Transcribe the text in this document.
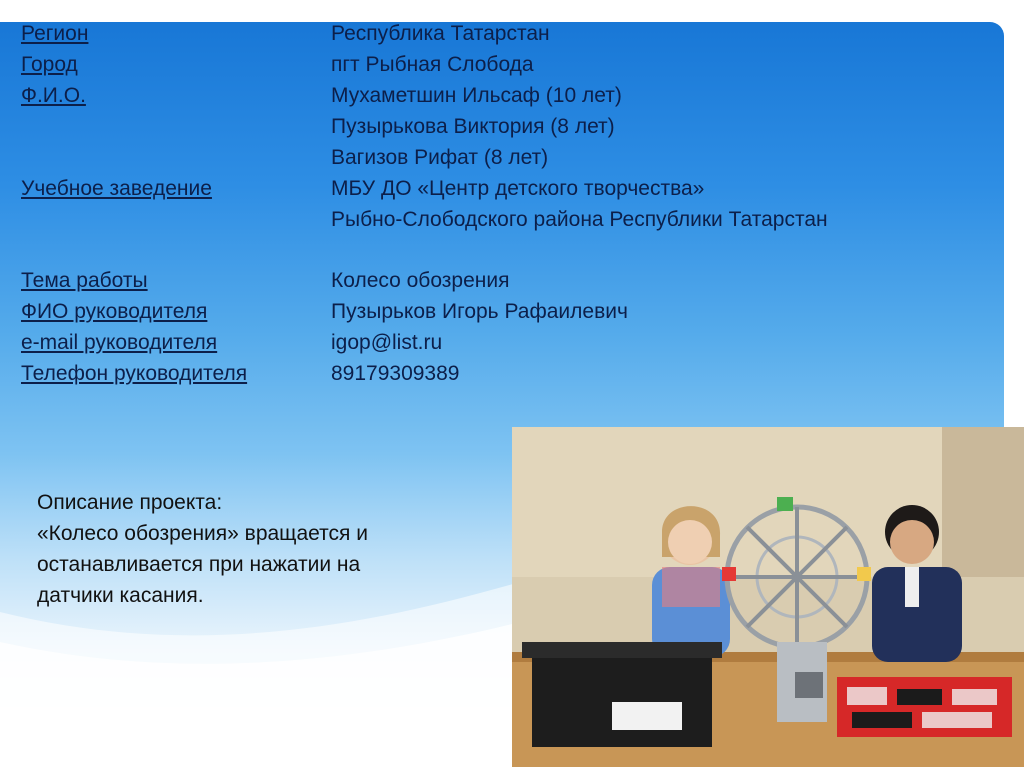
Регион	Республика Татарстан
Город	пгт Рыбная Слобода
Ф.И.О.	Мухаметшин Ильсаф (10 лет)
Пузырькова Виктория (8 лет)
Вагизов Рифат (8 лет)
Учебное заведение	МБУ ДО «Центр детского творчества»
Рыбно-Слободского района Республики Татарстан
Тема работы	Колесо обозрения
ФИО руководителя	Пузырьков Игорь Рафаилевич
e-mail руководителя	igop@list.ru
Телефон руководителя	89179309389
Описание проекта:
«Колесо обозрения» вращается и
останавливается при нажатии на
датчики касания.
